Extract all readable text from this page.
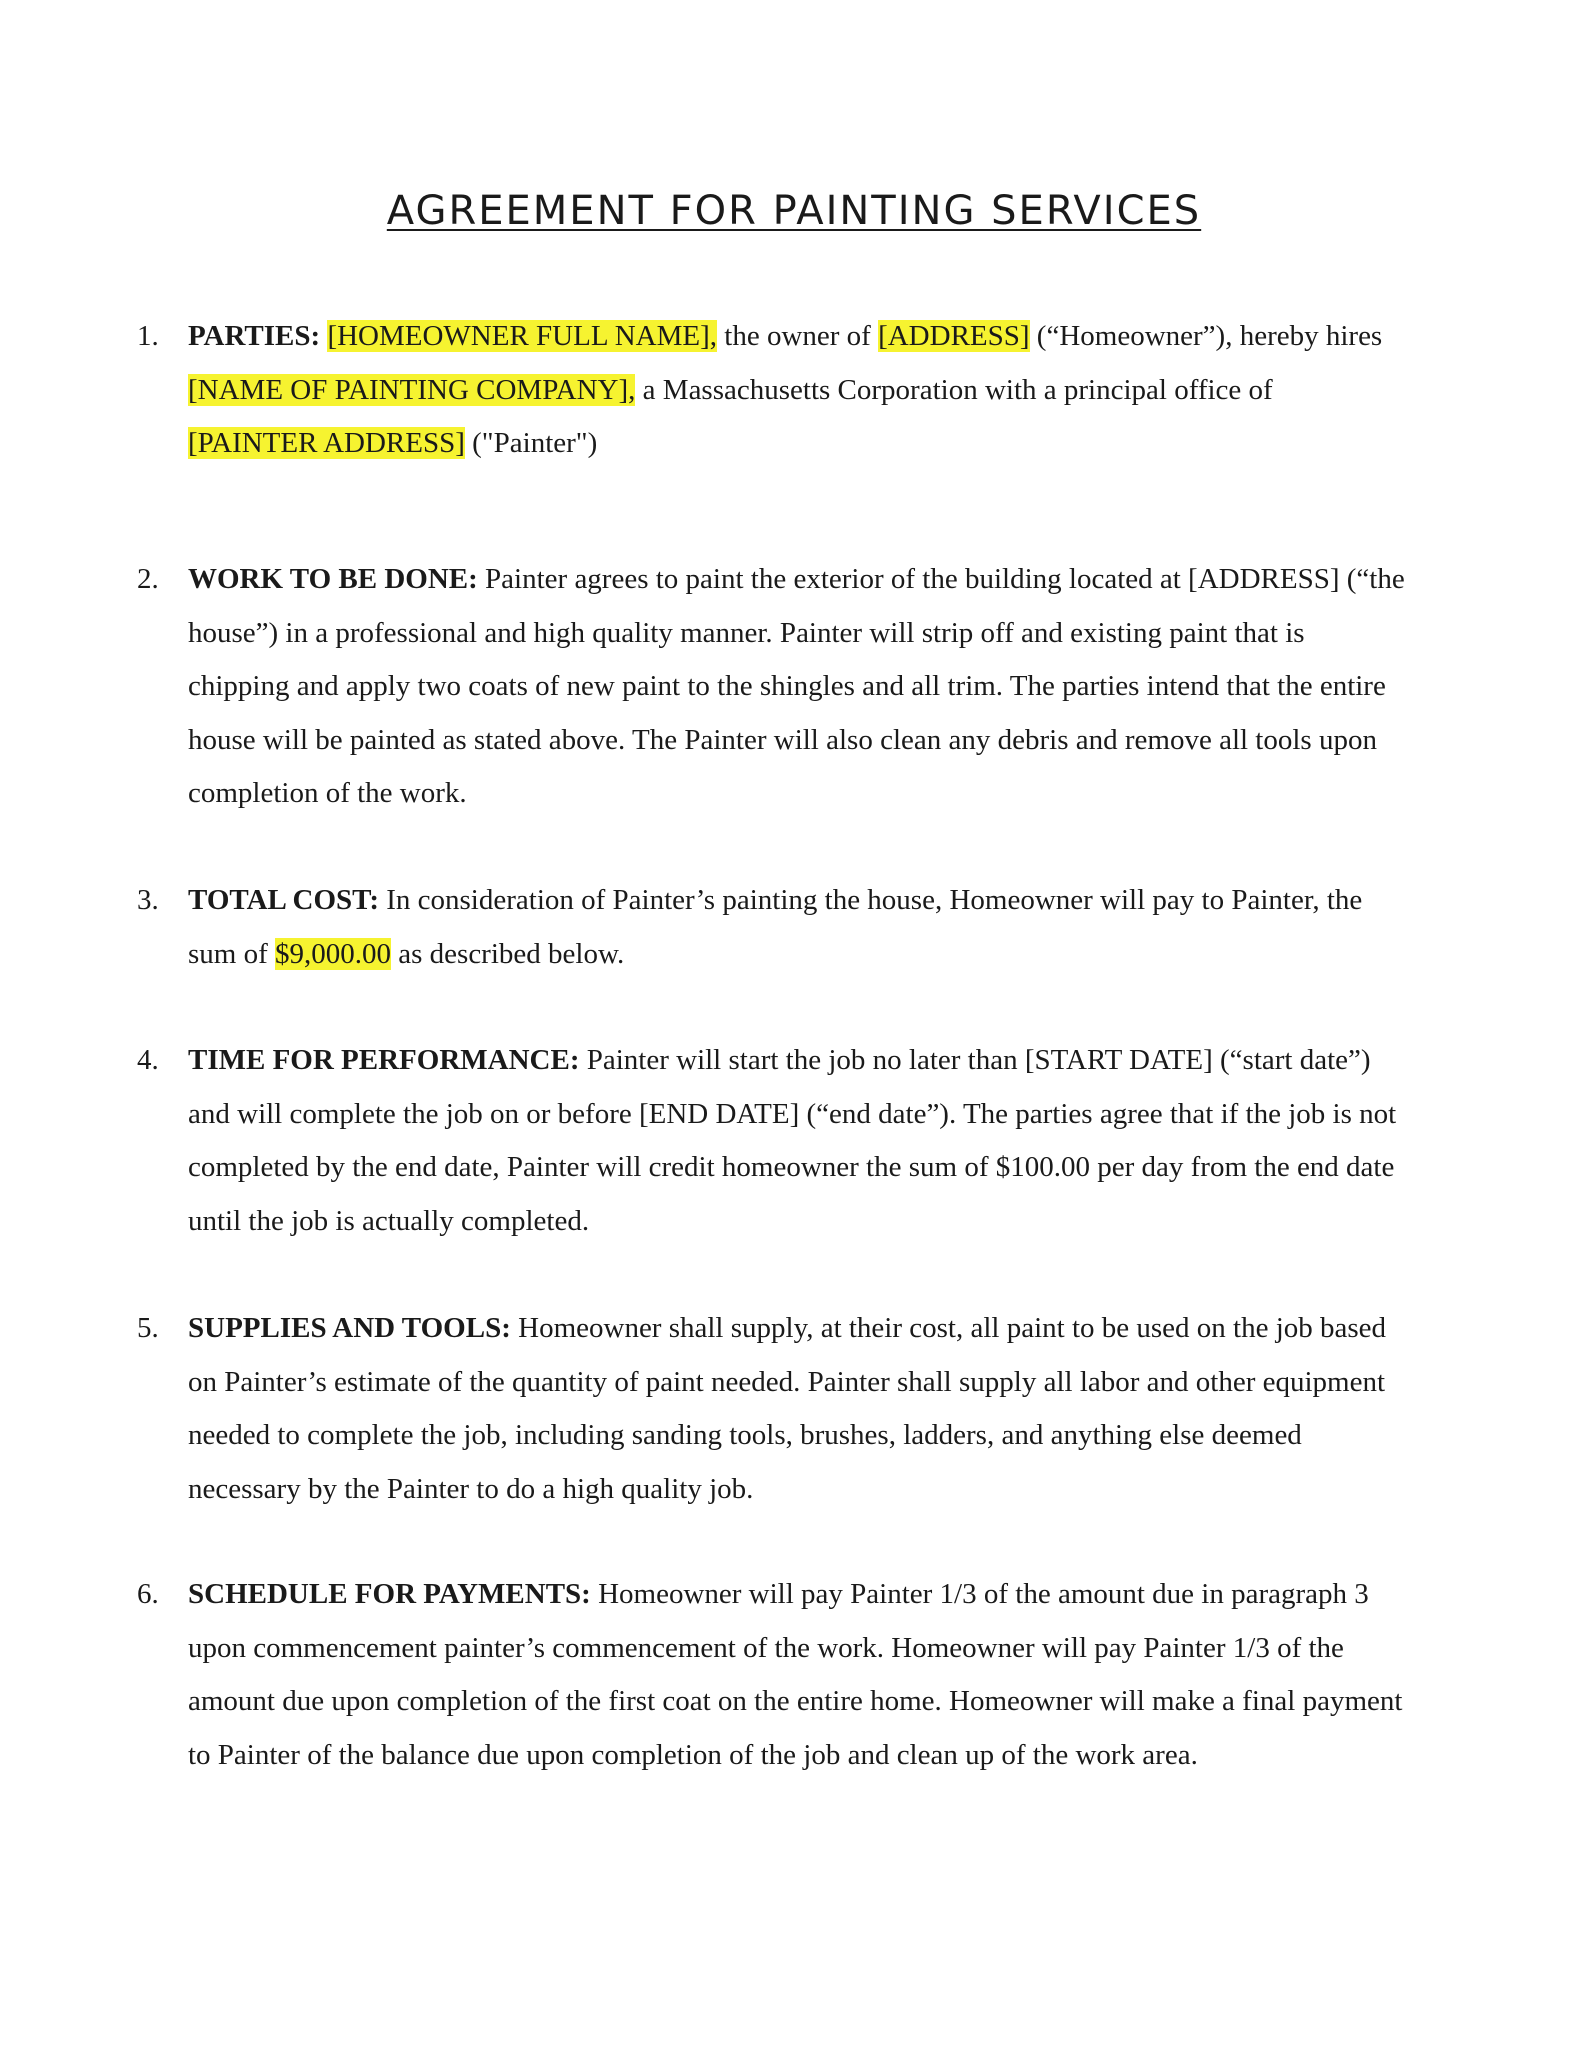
AGREEMENT FOR PAINTING SERVICES
1.	PARTIES: [HOMEOWNER FULL NAME], the owner of [ADDRESS] (“Homeowner”), hereby hires [NAME OF PAINTING COMPANY], a Massachusetts Corporation with a principal office of [PAINTER ADDRESS] ("Painter")
2.	WORK TO BE DONE: Painter agrees to paint the exterior of the building located at [ADDRESS] (“the house”) in a professional and high quality manner. Painter will strip off and existing paint that is chipping and apply two coats of new paint to the shingles and all trim. The parties intend that the entire house will be painted as stated above. The Painter will also clean any debris and remove all tools upon completion of the work.
3.	TOTAL COST: In consideration of Painter’s painting the house, Homeowner will pay to Painter, the sum of $9,000.00 as described below.
4.	TIME FOR PERFORMANCE: Painter will start the job no later than [START DATE] (“start date”) and will complete the job on or before [END DATE] (“end date”). The parties agree that if the job is not completed by the end date, Painter will credit homeowner the sum of $100.00 per day from the end date until the job is actually completed.
5.	SUPPLIES AND TOOLS: Homeowner shall supply, at their cost, all paint to be used on the job based on Painter’s estimate of the quantity of paint needed. Painter shall supply all labor and other equipment needed to complete the job, including sanding tools, brushes, ladders, and anything else deemed necessary by the Painter to do a high quality job.
6.	SCHEDULE FOR PAYMENTS: Homeowner will pay Painter 1/3 of the amount due in paragraph 3 upon commencement painter’s commencement of the work. Homeowner will pay Painter 1/3 of the amount due upon completion of the first coat on the entire home. Homeowner will make a final payment to Painter of the balance due upon completion of the job and clean up of the work area.
